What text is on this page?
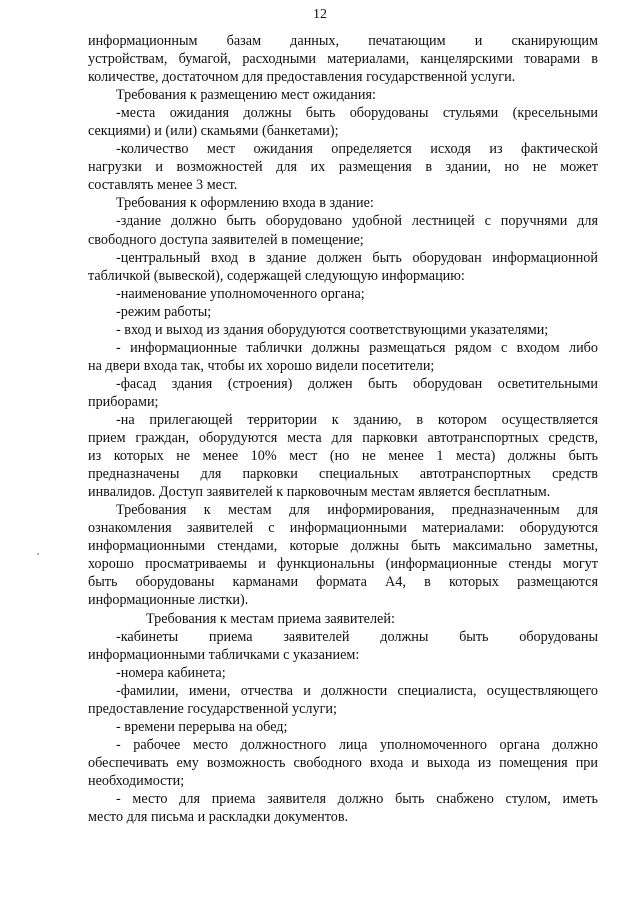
12
информационным базам данных, печатающим и сканирующим
устройствам, бумагой, расходными материалами, канцелярскими товарами в
количестве, достаточном для предоставления государственной услуги.
Требования к размещению мест ожидания:
-места ожидания должны быть оборудованы стульями (кресельными
секциями) и (или) скамьями (банкетами);
-количество мест ожидания определяется исходя из фактической
нагрузки и возможностей для их размещения в здании, но не может
составлять менее 3 мест.
Требования к оформлению входа в здание:
-здание должно быть оборудовано удобной лестницей с поручнями для
свободного доступа заявителей в помещение;
-центральный вход в здание должен быть оборудован информационной
табличкой (вывеской), содержащей следующую информацию:
-наименование уполномоченного органа;
-режим работы;
- вход и выход из здания оборудуются соответствующими указателями;
- информационные таблички должны размещаться рядом с входом либо
на двери входа так, чтобы их хорошо видели посетители;
-фасад здания (строения) должен быть оборудован осветительными
приборами;
-на прилегающей территории к зданию, в котором осуществляется
прием граждан, оборудуются места для парковки автотранспортных средств,
из которых не менее 10% мест (но не менее 1 места) должны быть
предназначены для парковки специальных автотранспортных средств
инвалидов. Доступ заявителей к парковочным местам является бесплатным.
Требования к местам для информирования, предназначенным для
ознакомления заявителей с информационными материалами: оборудуются
информационными стендами, которые должны быть максимально заметны,
хорошо просматриваемы и функциональны (информационные стенды могут
быть оборудованы карманами формата А4, в которых размещаются
информационные листки).
Требования к местам приема заявителей:
-кабинеты приема заявителей должны быть оборудованы
информационными табличками с указанием:
-номера кабинета;
-фамилии, имени, отчества и должности специалиста, осуществляющего
предоставление государственной услуги;
- времени перерыва на обед;
- рабочее место должностного лица уполномоченного органа должно
обеспечивать ему возможность свободного входа и выхода из помещения при
необходимости;
- место для приема заявителя должно быть снабжено стулом, иметь
место для письма и раскладки документов.
